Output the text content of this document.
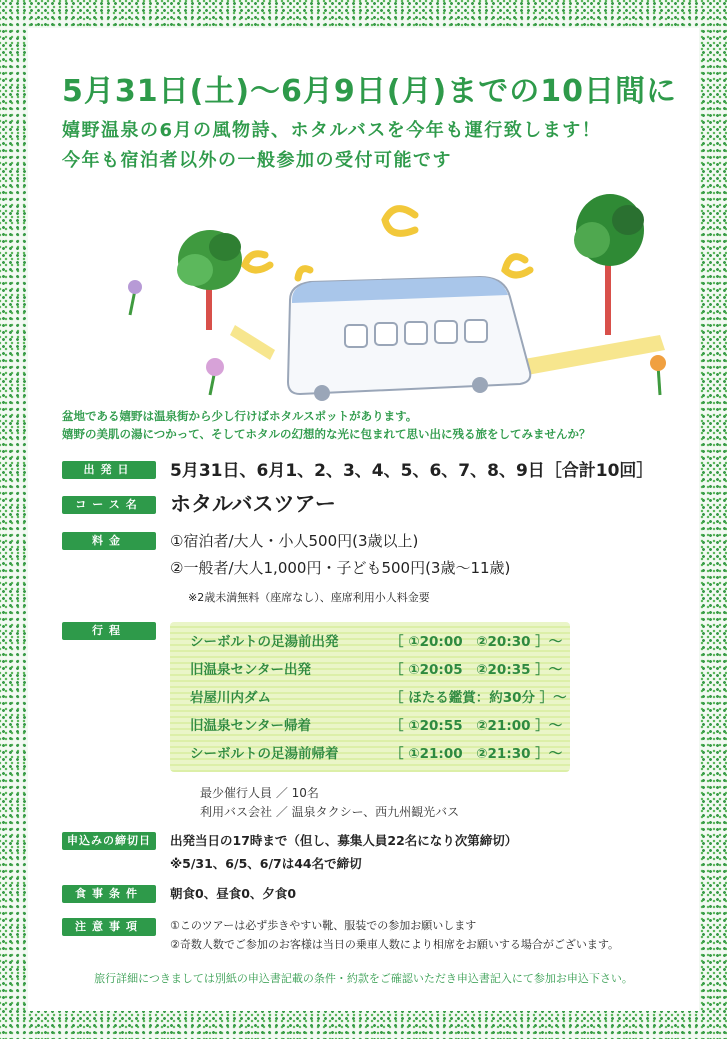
5月31日(土)～6月9日(月)までの10日間に
嬉野温泉の6月の風物詩、ホタルバスを今年も運行致します！
今年も宿泊者以外の一般参加の受付可能です
盆地である嬉野は温泉街から少し行けばホタルスポットがあります。
嬉野の美肌の湯につかって、そしてホタルの幻想的な光に包まれて思い出に残る旅をしてみませんか？
出発日	5月31日、6月1、2、3、4、5、6、7、8、9日［合計10回］
コース名	ホタルバスツアー
料金	①宿泊者/大人・小人500円(3歳以上)
②一般者/大人1,000円・子ども500円(3歳～11歳)
※2歳未満無料（座席なし）、座席利用小人料金要
行程
シーボルトの足湯前出発	［ ①20:00　②20:30 ］～
旧温泉センター出発	［ ①20:05　②20:35 ］～
岩屋川内ダム	［ ほたる鑑賞：約30分 ］～
旧温泉センター帰着	［ ①20:55　②21:00 ］～
シーボルトの足湯前帰着	［ ①21:00　②21:30 ］～
最少催行人員 ／ 10名
利用バス会社 ／ 温泉タクシー、西九州観光バス
申込みの締切日	出発当日の17時まで（但し、募集人員22名になり次第締切）
※5/31、6/5、6/7は44名で締切
食事条件	朝食0、昼食0、夕食0
注意事項	①このツアーは必ず歩きやすい靴、服装での参加お願いします
②奇数人数でご参加のお客様は当日の乗車人数により相席をお願いする場合がございます。
旅行詳細につきましては別紙の申込書記載の条件・約款をご確認いただき申込書記入にて参加お申込下さい。
